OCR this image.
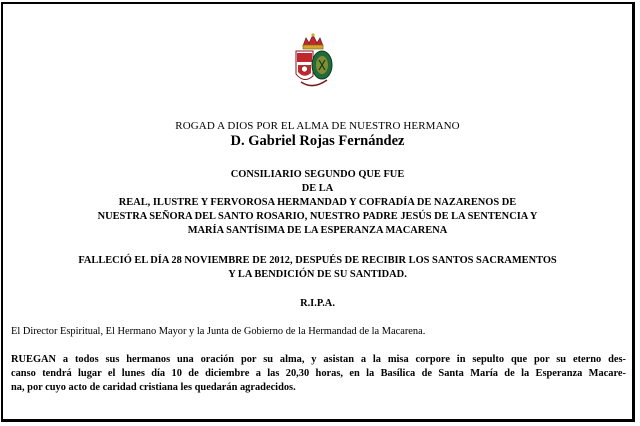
ROGAD A DIOS POR EL ALMA DE NUESTRO HERMANO
D. Gabriel Rojas Fernández
CONSILIARIO SEGUNDO QUE FUE
DE LA
REAL, ILUSTRE Y FERVOROSA HERMANDAD Y COFRADÍA DE NAZARENOS DE
NUESTRA SEÑORA DEL SANTO ROSARIO, NUESTRO PADRE JESÚS DE LA SENTENCIA Y
MARÍA SANTÍSIMA DE LA ESPERANZA MACARENA
FALLECIÓ EL DÍA 28 NOVIEMBRE DE 2012, DESPUÉS DE RECIBIR LOS SANTOS SACRAMENTOS
Y LA BENDICIÓN DE SU SANTIDAD.
R.I.P.A.
El Director Espiritual, El Hermano Mayor y la Junta de Gobierno de la Hermandad de la Macarena.
RUEGAN a todos sus hermanos una oración por su alma, y asistan a la misa corpore in sepulto que por su eterno des-
canso tendrá lugar el lunes día 10 de diciembre a las 20,30 horas, en la Basílica de Santa María de la Esperanza Macare-
na, por cuyo acto de caridad cristiana les quedarán agradecidos.
